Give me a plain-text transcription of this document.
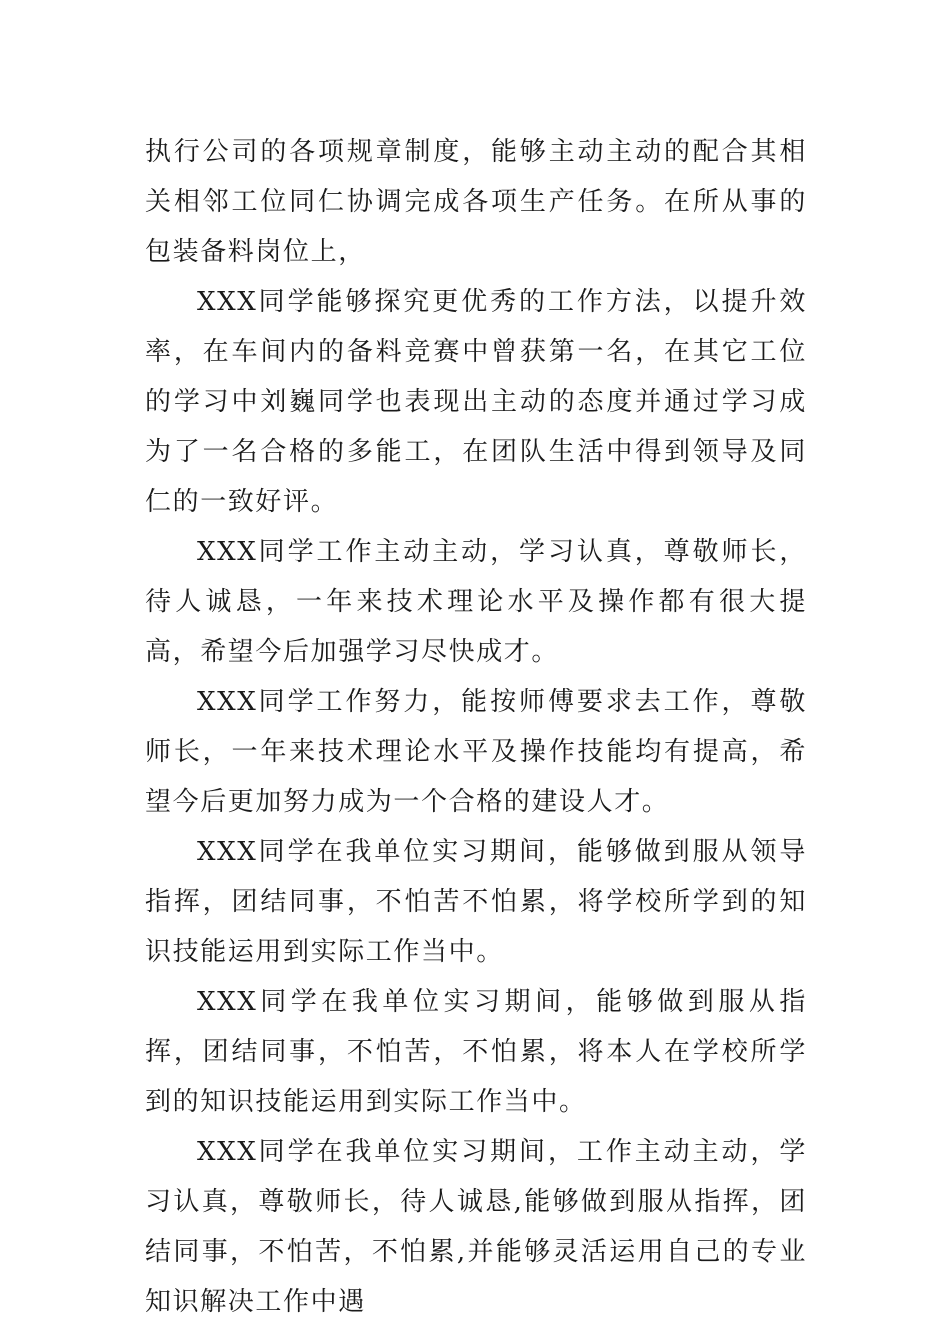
执行公司的各项规章制度，能够主动主动的配合其相关相邻工位同仁协调完成各项生产任务。在所从事的包装备料岗位上，

XXX同学能够探究更优秀的工作方法，以提升效率，在车间内的备料竞赛中曾获第一名，在其它工位的学习中刘巍同学也表现出主动的态度并通过学习成为了一名合格的多能工，在团队生活中得到领导及同仁的一致好评。

XXX同学工作主动主动，学习认真，尊敬师长，待人诚恳，一年来技术理论水平及操作都有很大提高，希望今后加强学习尽快成才。

XXX同学工作努力，能按师傅要求去工作，尊敬师长，一年来技术理论水平及操作技能均有提高，希望今后更加努力成为一个合格的建设人才。

XXX同学在我单位实习期间，能够做到服从领导指挥，团结同事，不怕苦不怕累，将学校所学到的知识技能运用到实际工作当中。

XXX同学在我单位实习期间，能够做到服从指挥，团结同事，不怕苦，不怕累，将本人在学校所学到的知识技能运用到实际工作当中。

XXX同学在我单位实习期间，工作主动主动，学习认真，尊敬师长，待人诚恳,能够做到服从指挥，团结同事，不怕苦，不怕累,并能够灵活运用自己的专业知识解决工作中遇
